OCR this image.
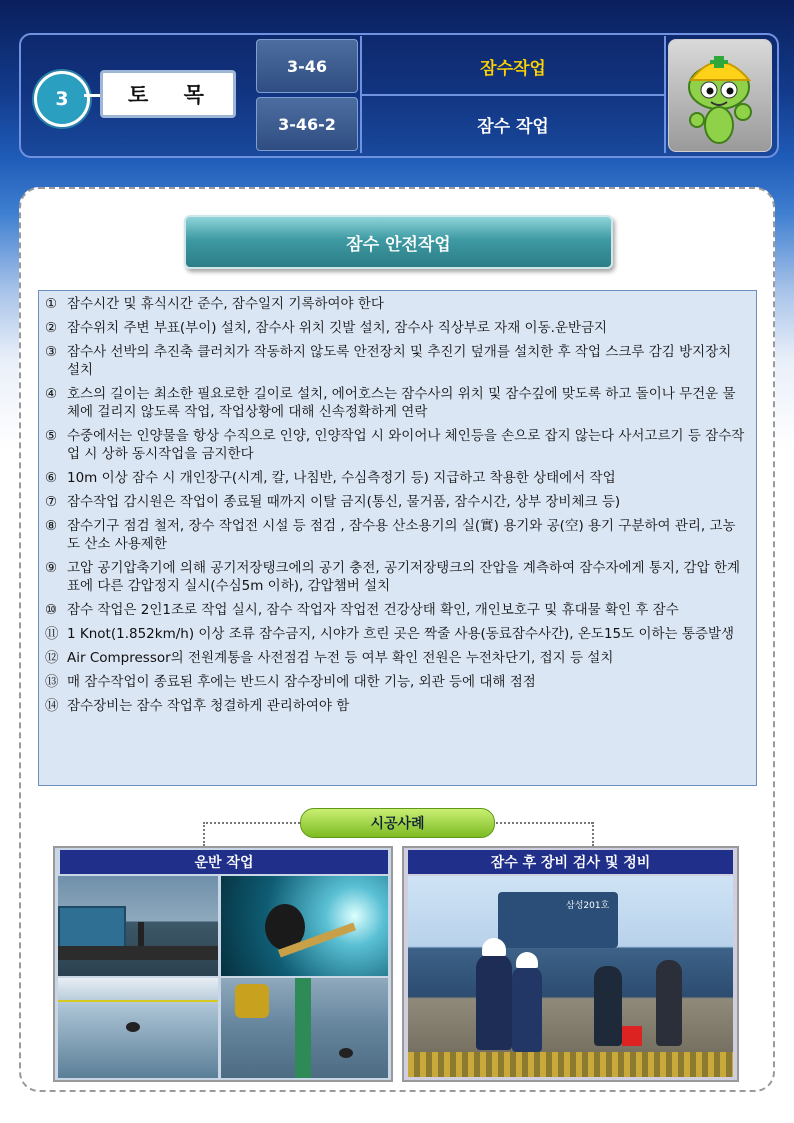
3	토 목
3-46
3-46-2
잠수작업
잠수 작업
잠수 안전작업
① 잠수시간 및 휴식시간 준수, 잠수일지 기록하여야 한다
② 잠수위치 주변 부표(부이) 설치, 잠수사 위치 깃발 설치, 잠수사 직상부로 자재 이동.운반금지
③ 잠수사 선박의 추진축 클러치가 작동하지 않도록 안전장치 및 추진기 덮개를 설치한 후 작업 스크루 감김 방지장치 설치
④ 호스의 길이는 최소한 필요로한 길이로 설치, 에어호스는 잠수사의 위치 및 잠수깊에 맞도록 하고 돌이나 무건운 물체에 걸리지 않도록 작업, 작업상황에 대해 신속정확하게 연락
⑤ 수중에서는 인양물을 항상 수직으로 인양, 인양작업 시 와이어나 체인등을 손으로 잡지 않는다 사서고르기 등 잠수작업 시 상하 동시작업을 금지한다
⑥ 10m 이상 잠수 시 개인장구(시계, 칼, 나침반, 수심측정기 등) 지급하고 착용한 상태에서 작업
⑦ 잠수작업 감시원은 작업이 종료될 때까지 이탈 금지(통신, 물거품, 잠수시간, 상부 장비체크 등)
⑧ 잠수기구 점검 철저, 장수 작업전 시설 등 점검 , 잠수용 산소용기의 실(實) 용기와 공(空) 용기 구분하여 관리, 고농도 산소 사용제한
⑨ 고압 공기압축기에 의해 공기저장탱크에의 공기 충전, 공기저장탱크의 잔압을 계측하여 잠수자에게 통지, 감압 한계표에 다른 감압정지 실시(수심5m 이하), 감압챔버 설치
⑩ 잠수 작업은 2인1조로 작업 실시, 잠수 작업자 작업전 건강상태 확인, 개인보호구 및 휴대물 확인 후 잠수
⑪ 1 Knot(1.852km/h) 이상 조류 잠수금지, 시야가 흐린 곳은 짝줄 사용(동료잠수사간), 온도15도 이하는 통증발생
⑫ Air Compressor의 전원계통을 사전점검 누전 등 여부 확인 전원은 누전차단기, 접지 등 설치
⑬ 매 잠수작업이 종료된 후에는 반드시 잠수장비에 대한 기능, 외관 등에 대해 점점
⑭ 잠수장비는 잠수 작업후 청결하게 관리하여야 함
시공사례
운반 작업	잠수 후 장비 검사 및 정비
삼성201호
